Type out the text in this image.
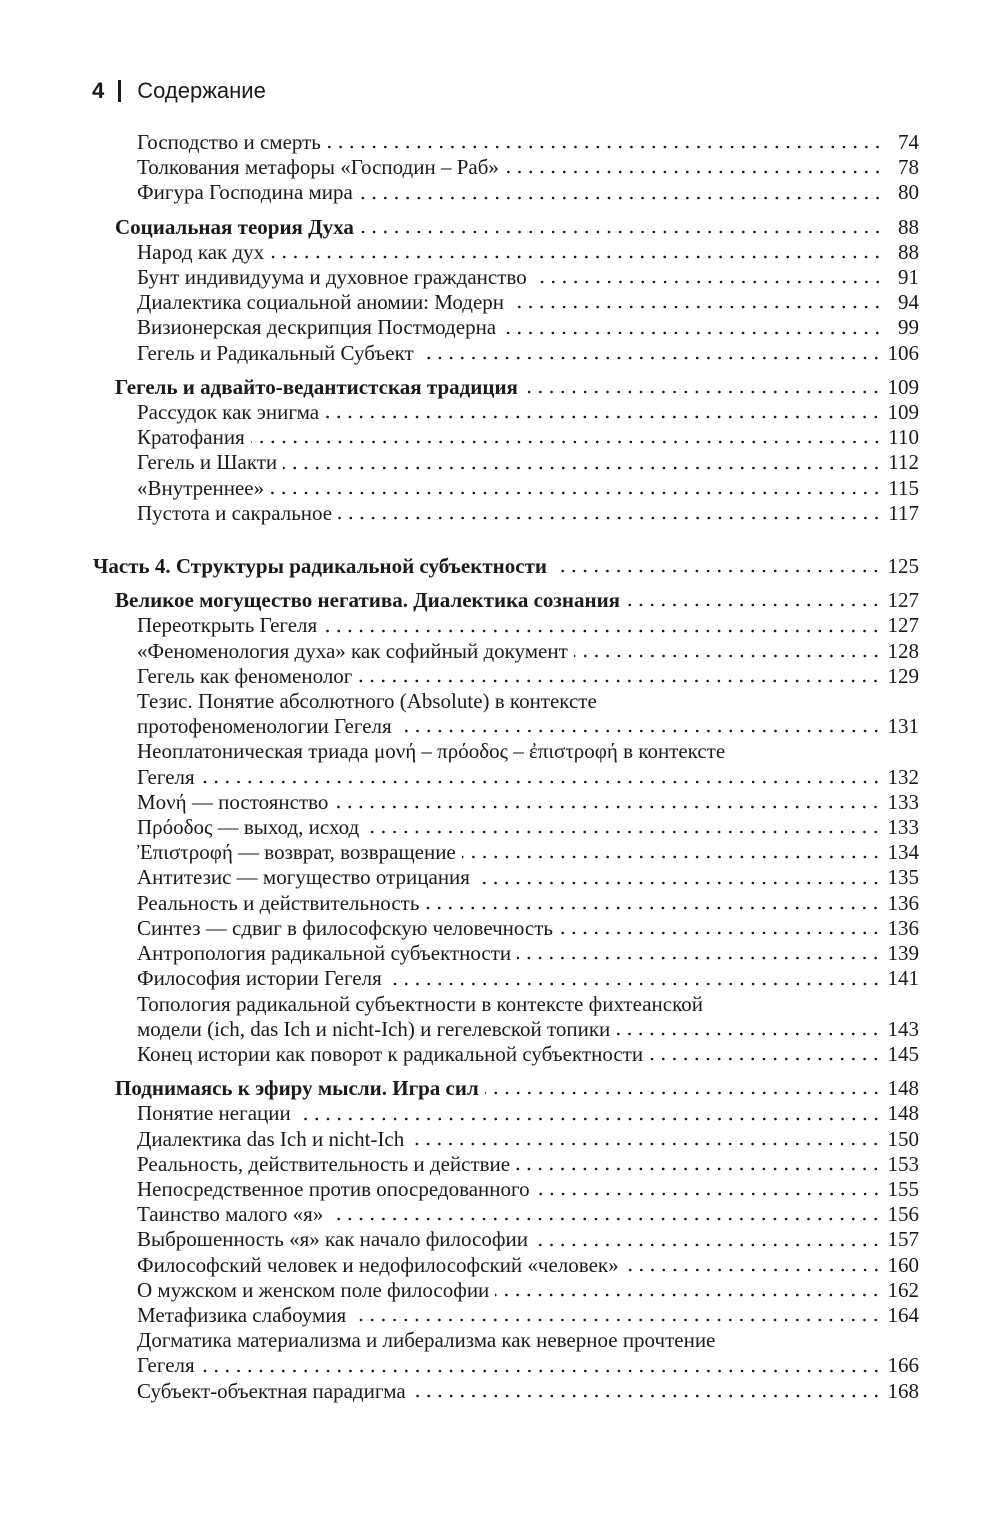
4 Содержание
Господство и смерть	74
Толкования метафоры «Господин – Раб»	78
Фигура Господина мира	80
Социальная теория Духа	88
Народ как дух	88
Бунт индивидуума и духовное гражданство	91
Диалектика социальной аномии: Модерн	94
Визионерская дескрипция Постмодерна	99
Гегель и Радикальный Субъект	106
Гегель и адвайто-ведантистская традиция	109
Рассудок как энигма	109
Кратофания	110
Гегель и Шакти	112
«Внутреннее»	115
Пустота и сакральное	117
Часть 4. Структуры радикальной субъектности	125
Великое могущество негатива. Диалектика сознания	127
Переоткрыть Гегеля	127
«Феноменология духа» как софийный документ	128
Гегель как феноменолог	129
Тезис. Понятие абсолютного (Absolute) в контексте
протофеноменологии Гегеля	131
Неоплатоническая триада μονή – πρόοδος – ἐπιστροφή в контексте
Гегеля	132
Μονή — постоянство	133
Πρόοδος — выход, исход	133
Ἐπιστροφή — возврат, возвращение	134
Антитезис — могущество отрицания	135
Реальность и действительность	136
Синтез — сдвиг в философскую человечность	136
Антропология радикальной субъектности	139
Философия истории Гегеля	141
Топология радикальной субъектности в контексте фихтеанской
модели (ich, das Ich и nicht-Ich) и гегелевской топики	143
Конец истории как поворот к радикальной субъектности	145
Поднимаясь к эфиру мысли. Игра сил	148
Понятие негации	148
Диалектика das Ich и nicht-Ich	150
Реальность, действительность и действие	153
Непосредственное против опосредованного	155
Таинство малого «я»	156
Выброшенность «я» как начало философии	157
Философский человек и недофилософский «человек»	160
О мужском и женском поле философии	162
Метафизика слабоумия	164
Догматика материализма и либерализма как неверное прочтение
Гегеля	166
Субъект-объектная парадигма	168
